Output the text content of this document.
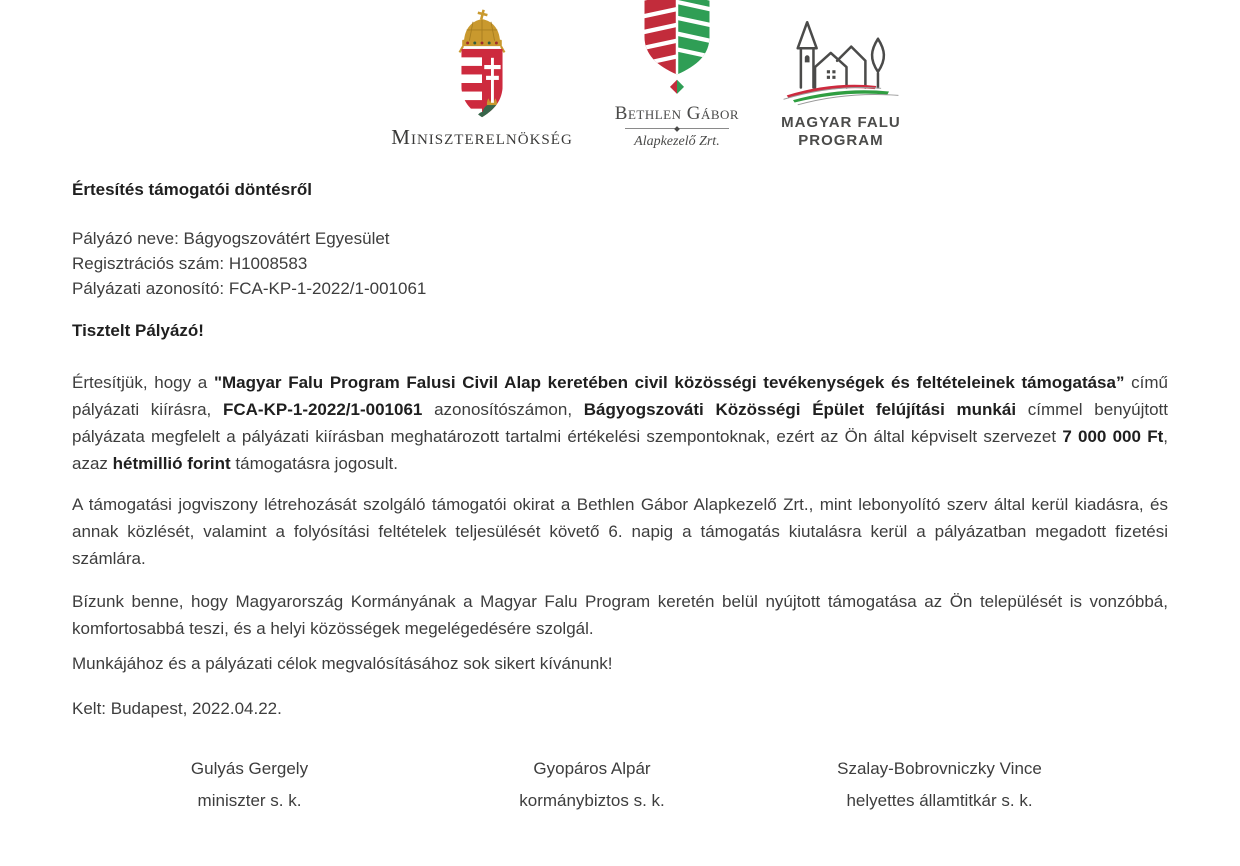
Miniszterelnökség
Bethlen Gábor
Alapkezelő Zrt.
MAGYAR FALU
PROGRAM
Értesítés támogatói döntésről
Pályázó neve: Bágyogszovátért Egyesület
Regisztrációs szám: H1008583
Pályázati azonosító: FCA-KP-1-2022/1-001061
Tisztelt Pályázó!

Értesítjük, hogy a "Magyar Falu Program Falusi Civil Alap keretében civil közösségi tevékenységek és feltételeinek támogatása” című pályázati kiírásra, FCA-KP-1-2022/1-001061 azonosítószámon, Bágyogszováti Közösségi Épület felújítási munkái címmel benyújtott pályázata megfelelt a pályázati kiírásban meghatározott tartalmi értékelési szempontoknak, ezért az Ön által képviselt szervezet 7 000 000 Ft, azaz hétmillió forint támogatásra jogosult.

A támogatási jogviszony létrehozását szolgáló támogatói okirat a Bethlen Gábor Alapkezelő Zrt., mint lebonyolító szerv által kerül kiadásra, és annak közlését, valamint a folyósítási feltételek teljesülését követő 6. napig a támogatás kiutalásra kerül a pályázatban megadott fizetési számlára.

Bízunk benne, hogy Magyarország Kormányának a Magyar Falu Program keretén belül nyújtott támogatása az Ön települését is vonzóbbá, komfortosabbá teszi, és a helyi közösségek megelégedésére szolgál.

Munkájához és a pályázati célok megvalósításához sok sikert kívánunk!

Kelt: Budapest, 2022.04.22.
Gulyás Gergely
miniszter s. k.
Gyopáros Alpár
kormánybiztos s. k.
Szalay-Bobrovniczky Vince
helyettes államtitkár s. k.
